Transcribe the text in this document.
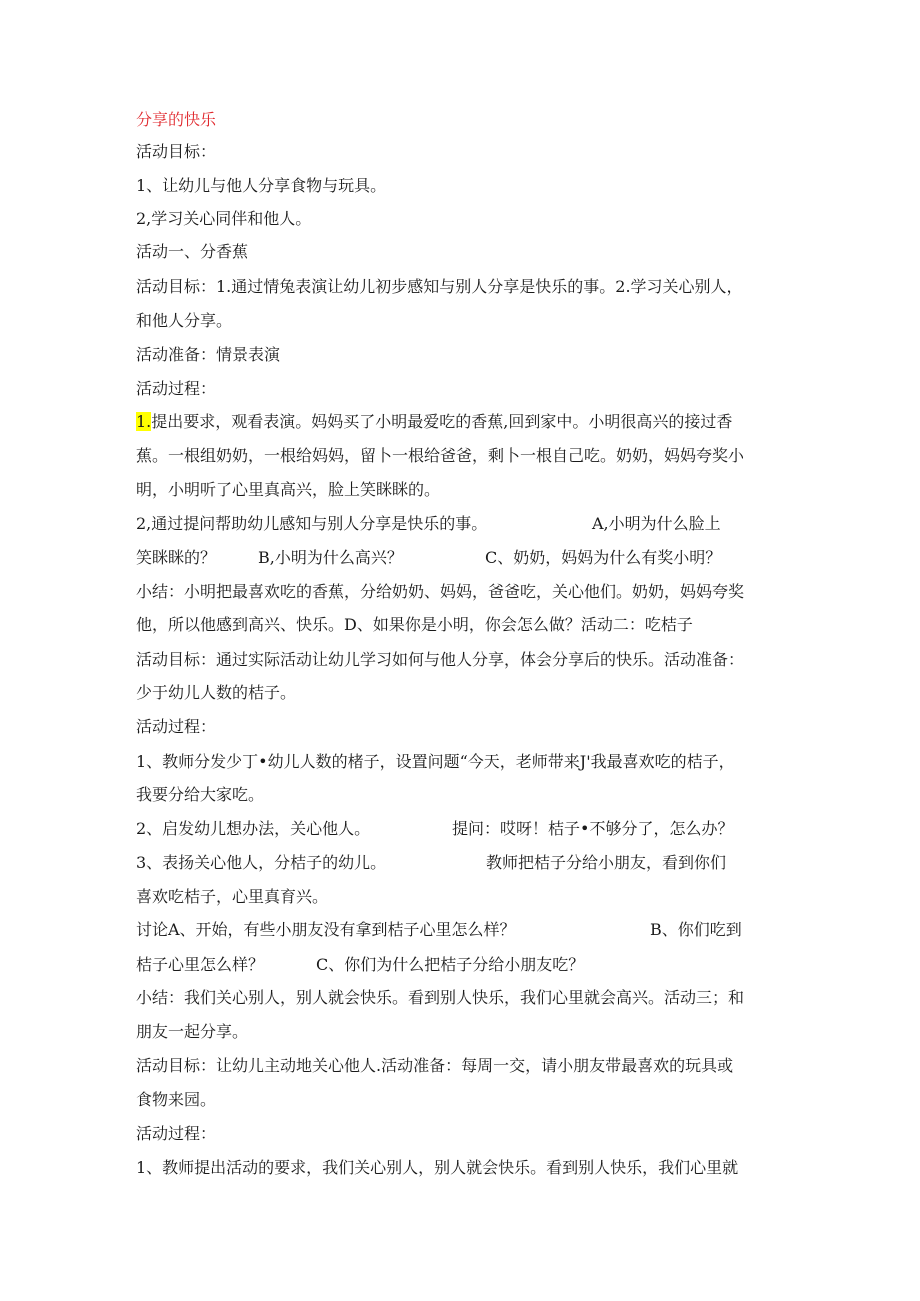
分享的快乐
活动目标：
1、让幼儿与他人分享食物与玩具。
2,学习关心同伴和他人。
活动一、分香蕉
活动目标：1.通过情兔表演让幼儿初步感知与别人分享是快乐的事。2.学习关心别人，
和他人分享。
活动准备：情景表演
活动过程：
1.提出要求，观看表演。妈妈买了小明最爱吃的香蕉,回到家中。小明很高兴的接过香
蕉。一根组奶奶，一根给妈妈，留卜一根给爸爸，剩卜一根自己吃。奶奶，妈妈夸奖小
明，小明听了心里真高兴，脸上笑眯眯的。
2,通过提问帮助幼儿感知与别人分享是快乐的事。	A,小明为什么脸上
笑眯眯的？	B,小明为什么高兴？	C、奶奶，妈妈为什么有奖小明？
小结：小明把最喜欢吃的香蕉，分给奶奶、妈妈，爸爸吃，关心他们。奶奶，妈妈夸奖
他，所以他感到高兴、快乐。D、如果你是小明，你会怎么做？活动二：吃桔子
活动目标：通过实际活动让幼儿学习如何与他人分享，体会分享后的快乐。活动准备：
少于幼儿人数的桔子。
活动过程：
1、教师分发少丁•幼儿人数的楮子，设置问题“今天，老师带来J'我最喜欢吃的桔子，
我要分给大家吃。
2、启发幼儿想办法，关心他人。	提问：哎呀！桔子•不够分了，怎么办？
3、表扬关心他人，分桔子的幼儿。	教师把桔子分给小朋友，看到你们
喜欢吃桔子，心里真育兴。
讨论A、开始，有些小朋友没有拿到桔子心里怎么样？	B、你们吃到
桔子心里怎么样？	C、你们为什么把桔子分给小朋友吃？
小结：我们关心别人，别人就会快乐。看到别人快乐，我们心里就会高兴。活动三；和
朋友一起分享。
活动目标：让幼儿主动地关心他人.活动准备：每周一交，请小朋友带最喜欢的玩具或
食物来园。
活动过程：
1、教师提出活动的要求，我们关心别人，别人就会快乐。看到别人快乐，我们心里就
